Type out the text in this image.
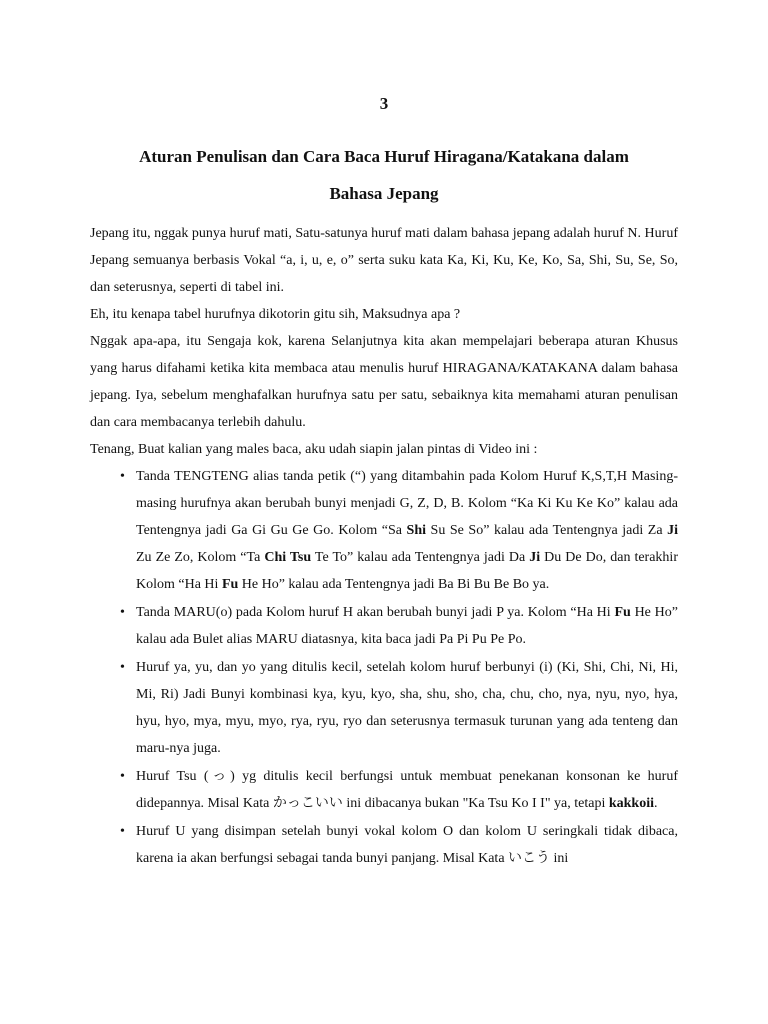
3
Aturan Penulisan dan Cara Baca Huruf Hiragana/Katakana dalam
Bahasa Jepang

Jepang itu, nggak punya huruf mati, Satu-satunya huruf mati dalam bahasa jepang adalah huruf N. Huruf Jepang semuanya berbasis Vokal “a, i, u, e, o” serta suku kata Ka, Ki, Ku, Ke, Ko, Sa, Shi, Su, Se, So, dan seterusnya, seperti di tabel ini.

Eh, itu kenapa tabel hurufnya dikotorin gitu sih, Maksudnya apa ?

Nggak apa-apa, itu Sengaja kok, karena Selanjutnya kita akan mempelajari beberapa aturan Khusus yang harus difahami ketika kita membaca atau menulis huruf HIRAGANA/KATAKANA dalam bahasa jepang. Iya, sebelum menghafalkan hurufnya satu per satu, sebaiknya kita memahami aturan penulisan dan cara membacanya terlebih dahulu.

Tenang, Buat kalian yang males baca, aku udah siapin jalan pintas di Video ini :

• Tanda TENGTENG alias tanda petik (“) yang ditambahin pada Kolom Huruf K,S,T,H Masing-masing hurufnya akan berubah bunyi menjadi G, Z, D, B. Kolom “Ka Ki Ku Ke Ko” kalau ada Tentengnya jadi Ga Gi Gu Ge Go. Kolom “Sa Shi Su Se So” kalau ada Tentengnya jadi Za Ji Zu Ze Zo, Kolom “Ta Chi Tsu Te To” kalau ada Tentengnya jadi Da Ji Du De Do, dan terakhir Kolom “Ha Hi Fu He Ho” kalau ada Tentengnya jadi Ba Bi Bu Be Bo ya.
• Tanda MARU(o) pada Kolom huruf H akan berubah bunyi jadi P ya. Kolom “Ha Hi Fu He Ho” kalau ada Bulet alias MARU diatasnya, kita baca jadi Pa Pi Pu Pe Po.
• Huruf ya, yu, dan yo yang ditulis kecil, setelah kolom huruf berbunyi (i) (Ki, Shi, Chi, Ni, Hi, Mi, Ri) Jadi Bunyi kombinasi kya, kyu, kyo, sha, shu, sho, cha, chu, cho, nya, nyu, nyo, hya, hyu, hyo, mya, myu, myo, rya, ryu, ryo dan seterusnya termasuk turunan yang ada tenteng dan maru-nya juga.
• Huruf Tsu (っ) yg ditulis kecil berfungsi untuk membuat penekanan konsonan ke huruf didepannya. Misal Kata かっこいい ini dibacanya bukan "Ka Tsu Ko I I" ya, tetapi kakkoii.
• Huruf U yang disimpan setelah bunyi vokal kolom O dan kolom U seringkali tidak dibaca, karena ia akan berfungsi sebagai tanda bunyi panjang. Misal Kata いこう ini
